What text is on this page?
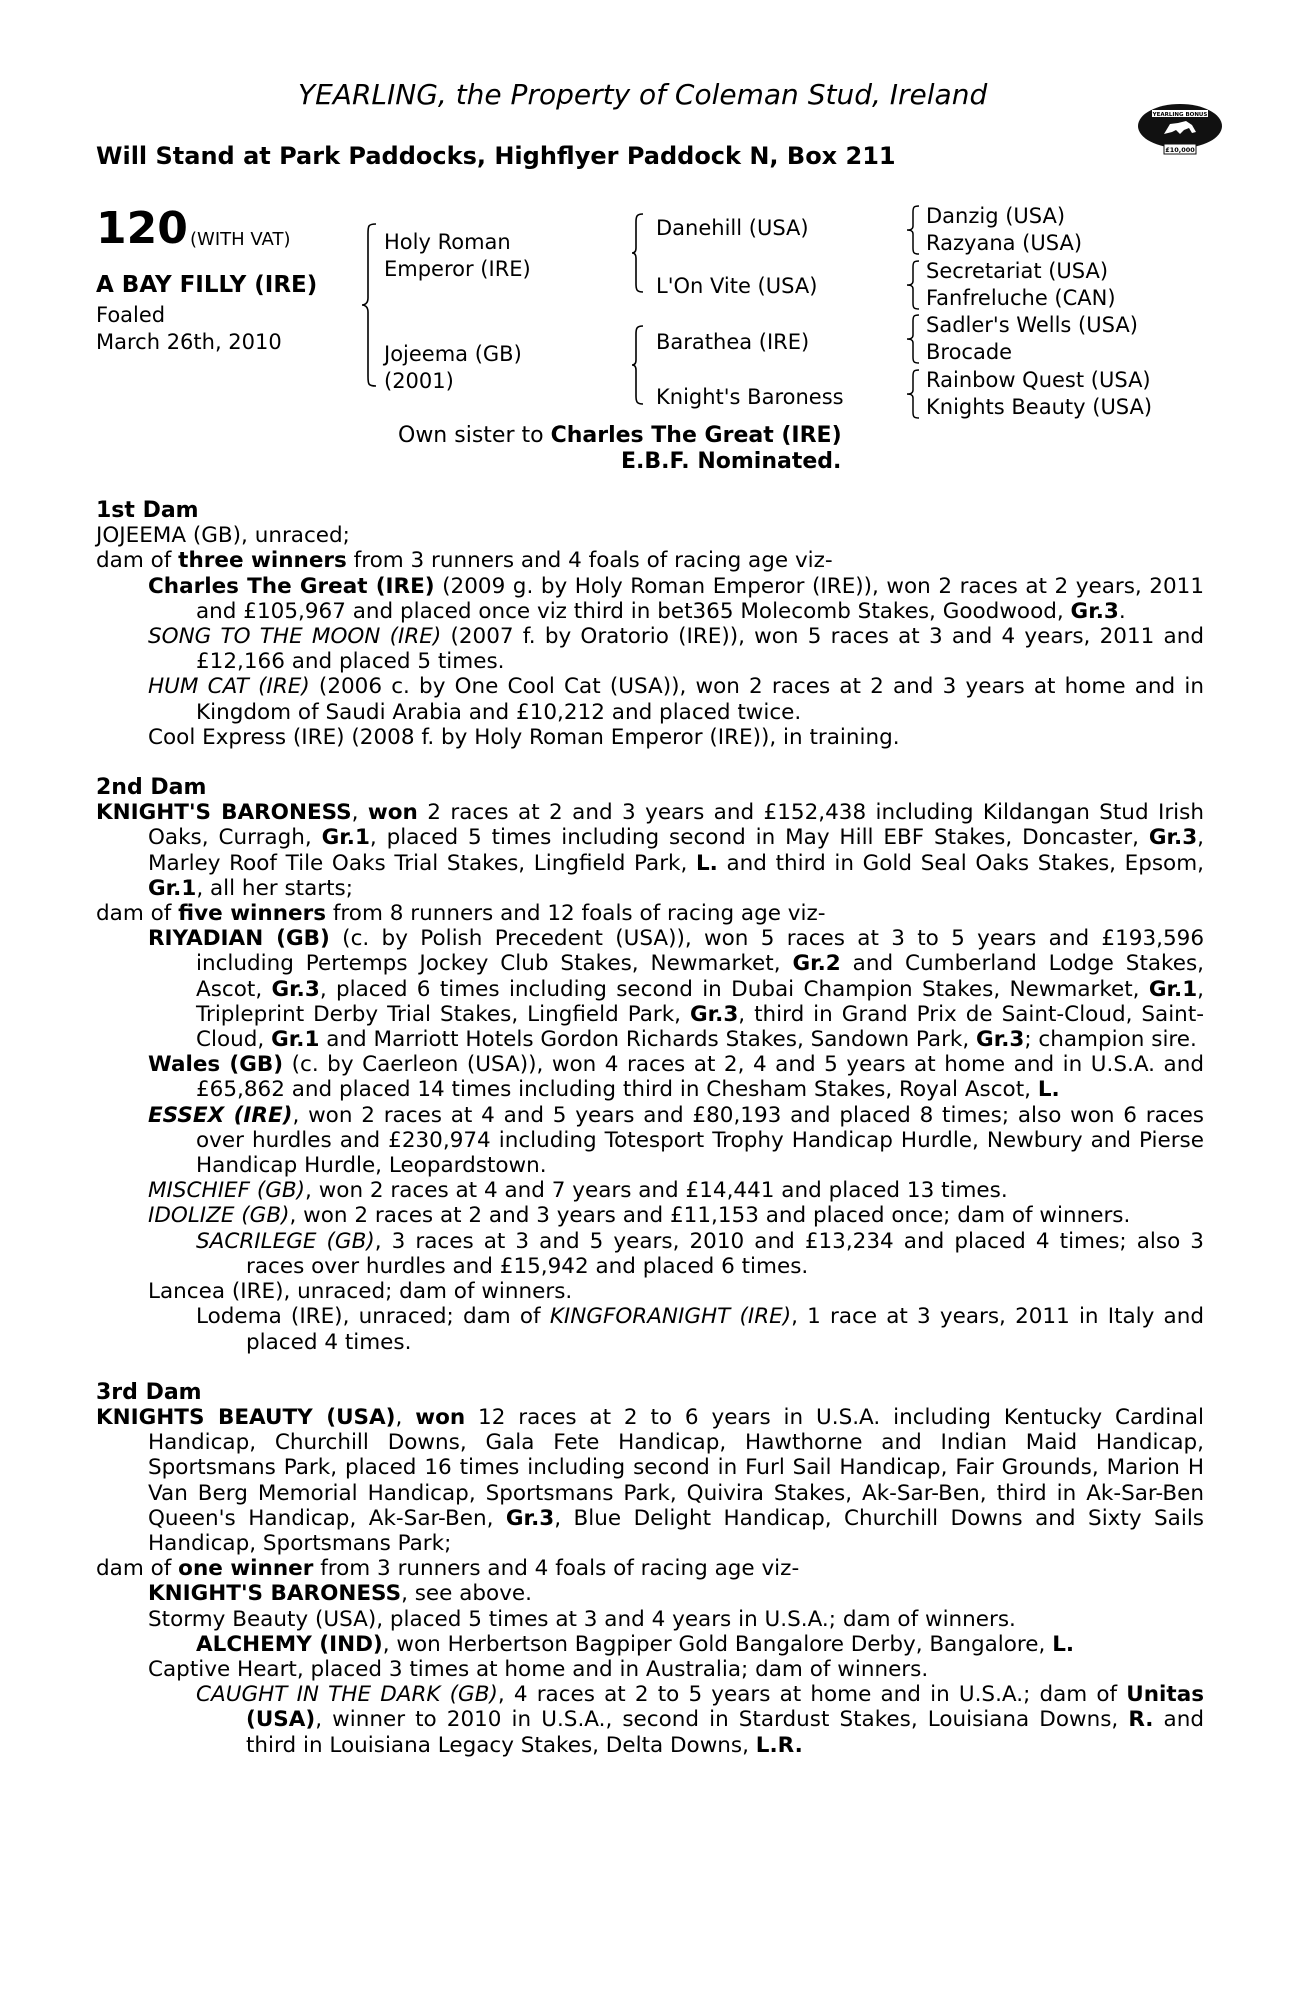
YEARLING, the Property of Coleman Stud, Ireland
Will Stand at Park Paddocks, Highflyer Paddock N, Box 211
YEARLING BONUS
£10,000
120 (WITH VAT)
A BAY FILLY (IRE)
Foaled
March 26th, 2010
Holy Roman
Emperor (IRE)
Jojeema (GB)
(2001)
Danehill (USA)
L'On Vite (USA)
Barathea (IRE)
Knight's Baroness
Danzig (USA)
Razyana (USA)
Secretariat (USA)
Fanfreluche (CAN)
Sadler's Wells (USA)
Brocade
Rainbow Quest (USA)
Knights Beauty (USA)
Own sister to Charles The Great (IRE)
E.B.F. Nominated.

1st Dam

JOJEEMA (GB), unraced;

dam of three winners from 3 runners and 4 foals of racing age viz-

Charles The Great (IRE) (2009 g. by Holy Roman Emperor (IRE)), won 2 races at 2 years, 2011 and £105,967 and placed once viz third in bet365 Molecomb Stakes, Goodwood, Gr.3.

SONG TO THE MOON (IRE) (2007 f. by Oratorio (IRE)), won 5 races at 3 and 4 years, 2011 and £12,166 and placed 5 times.

HUM CAT (IRE) (2006 c. by One Cool Cat (USA)), won 2 races at 2 and 3 years at home and in Kingdom of Saudi Arabia and £10,212 and placed twice.

Cool Express (IRE) (2008 f. by Holy Roman Emperor (IRE)), in training.

2nd Dam

KNIGHT'S BARONESS, won 2 races at 2 and 3 years and £152,438 including Kildangan Stud Irish Oaks, Curragh, Gr.1, placed 5 times including second in May Hill EBF Stakes, Doncaster, Gr.3, Marley Roof Tile Oaks Trial Stakes, Lingfield Park, L. and third in Gold Seal Oaks Stakes, Epsom, Gr.1, all her starts;

dam of five winners from 8 runners and 12 foals of racing age viz-

RIYADIAN (GB) (c. by Polish Precedent (USA)), won 5 races at 3 to 5 years and £193,596 including Pertemps Jockey Club Stakes, Newmarket, Gr.2 and Cumberland Lodge Stakes, Ascot, Gr.3, placed 6 times including second in Dubai Champion Stakes, Newmarket, Gr.1, Tripleprint Derby Trial Stakes, Lingfield Park, Gr.3, third in Grand Prix de Saint-Cloud, Saint-Cloud, Gr.1 and Marriott Hotels Gordon Richards Stakes, Sandown Park, Gr.3; champion sire.

Wales (GB) (c. by Caerleon (USA)), won 4 races at 2, 4 and 5 years at home and in U.S.A. and £65,862 and placed 14 times including third in Chesham Stakes, Royal Ascot, L.

ESSEX (IRE), won 2 races at 4 and 5 years and £80,193 and placed 8 times; also won 6 races over hurdles and £230,974 including Totesport Trophy Handicap Hurdle, Newbury and Pierse Handicap Hurdle, Leopardstown.

MISCHIEF (GB), won 2 races at 4 and 7 years and £14,441 and placed 13 times.

IDOLIZE (GB), won 2 races at 2 and 3 years and £11,153 and placed once; dam of winners.

SACRILEGE (GB), 3 races at 3 and 5 years, 2010 and £13,234 and placed 4 times; also 3 races over hurdles and £15,942 and placed 6 times.

Lancea (IRE), unraced; dam of winners.

Lodema (IRE), unraced; dam of KINGFORANIGHT (IRE), 1 race at 3 years, 2011 in Italy and placed 4 times.

3rd Dam

KNIGHTS BEAUTY (USA), won 12 races at 2 to 6 years in U.S.A. including Kentucky Cardinal Handicap, Churchill Downs, Gala Fete Handicap, Hawthorne and Indian Maid Handicap, Sportsmans Park, placed 16 times including second in Furl Sail Handicap, Fair Grounds, Marion H Van Berg Memorial Handicap, Sportsmans Park, Quivira Stakes, Ak-Sar-Ben, third in Ak-Sar-Ben Queen's Handicap, Ak-Sar-Ben, Gr.3, Blue Delight Handicap, Churchill Downs and Sixty Sails Handicap, Sportsmans Park;

dam of one winner from 3 runners and 4 foals of racing age viz-

KNIGHT'S BARONESS, see above.

Stormy Beauty (USA), placed 5 times at 3 and 4 years in U.S.A.; dam of winners.

ALCHEMY (IND), won Herbertson Bagpiper Gold Bangalore Derby, Bangalore, L.

Captive Heart, placed 3 times at home and in Australia; dam of winners.

CAUGHT IN THE DARK (GB), 4 races at 2 to 5 years at home and in U.S.A.; dam of Unitas (USA), winner to 2010 in U.S.A., second in Stardust Stakes, Louisiana Downs, R. and third in Louisiana Legacy Stakes, Delta Downs, L.R.
